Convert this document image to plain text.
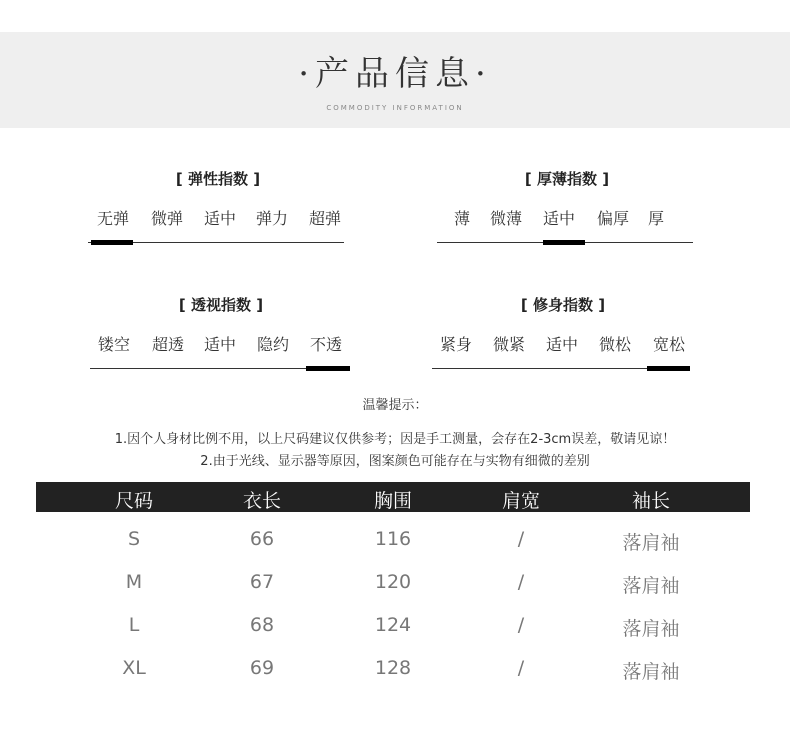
·产品信息·
COMMODITY INFORMATION
[ 弹性指数 ]
无弹 微弹 适中 弹力 超弹
[ 厚薄指数 ]
薄 微薄 适中 偏厚 厚
[ 透视指数 ]
镂空 超透 适中 隐约 不透
[ 修身指数 ]
紧身 微紧 适中 微松 宽松
温馨提示：
1.因个人身材比例不用，以上尺码建议仅供参考；因是手工测量，会存在2-3cm误差，敬请见谅！
2.由于光线、显示器等原因，图案颜色可能存在与实物有细微的差别
尺码	衣长	胸围	肩宽	袖长
S	66	116	/	落肩袖
M	67	120	/	落肩袖
L	68	124	/	落肩袖
XL	69	128	/	落肩袖
